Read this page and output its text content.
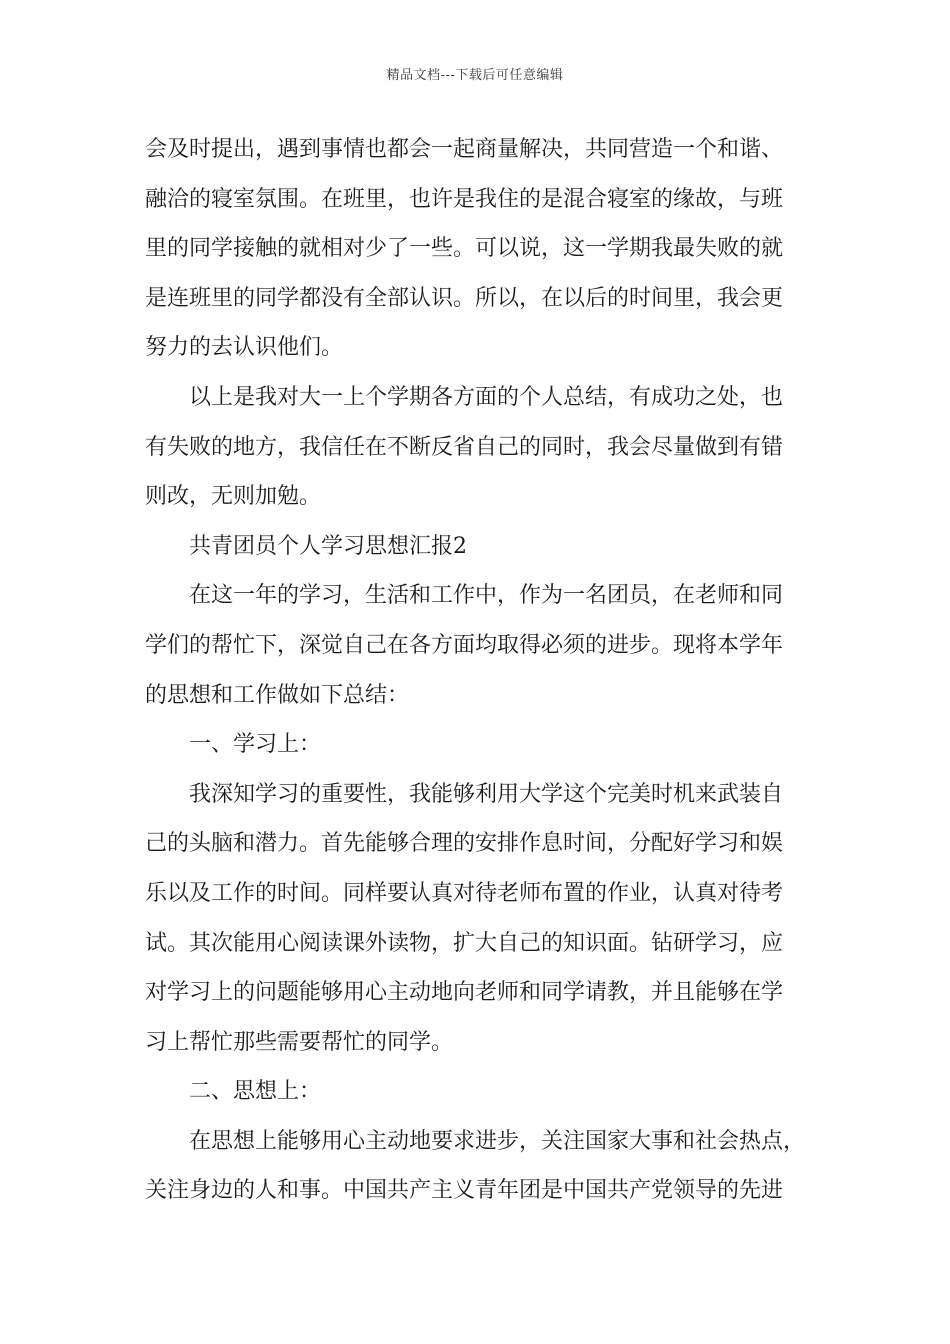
精品文档---下载后可任意编辑
会及时提出，遇到事情也都会一起商量解决，共同营造一个和谐、
融洽的寝室氛围。在班里，也许是我住的是混合寝室的缘故，与班
里的同学接触的就相对少了一些。可以说，这一学期我最失败的就
是连班里的同学都没有全部认识。所以，在以后的时间里，我会更
努力的去认识他们。
以上是我对大一上个学期各方面的个人总结，有成功之处，也
有失败的地方，我信任在不断反省自己的同时，我会尽量做到有错
则改，无则加勉。
共青团员个人学习思想汇报2
在这一年的学习，生活和工作中，作为一名团员，在老师和同
学们的帮忙下，深觉自己在各方面均取得必须的进步。现将本学年
的思想和工作做如下总结：
一、学习上：
我深知学习的重要性，我能够利用大学这个完美时机来武装自
己的头脑和潜力。首先能够合理的安排作息时间，分配好学习和娱
乐以及工作的时间。同样要认真对待老师布置的作业，认真对待考
试。其次能用心阅读课外读物，扩大自己的知识面。钻研学习，应
对学习上的问题能够用心主动地向老师和同学请教，并且能够在学
习上帮忙那些需要帮忙的同学。
二、思想上：
在思想上能够用心主动地要求进步，关注国家大事和社会热点，
关注身边的人和事。中国共产主义青年团是中国共产党领导的先进
